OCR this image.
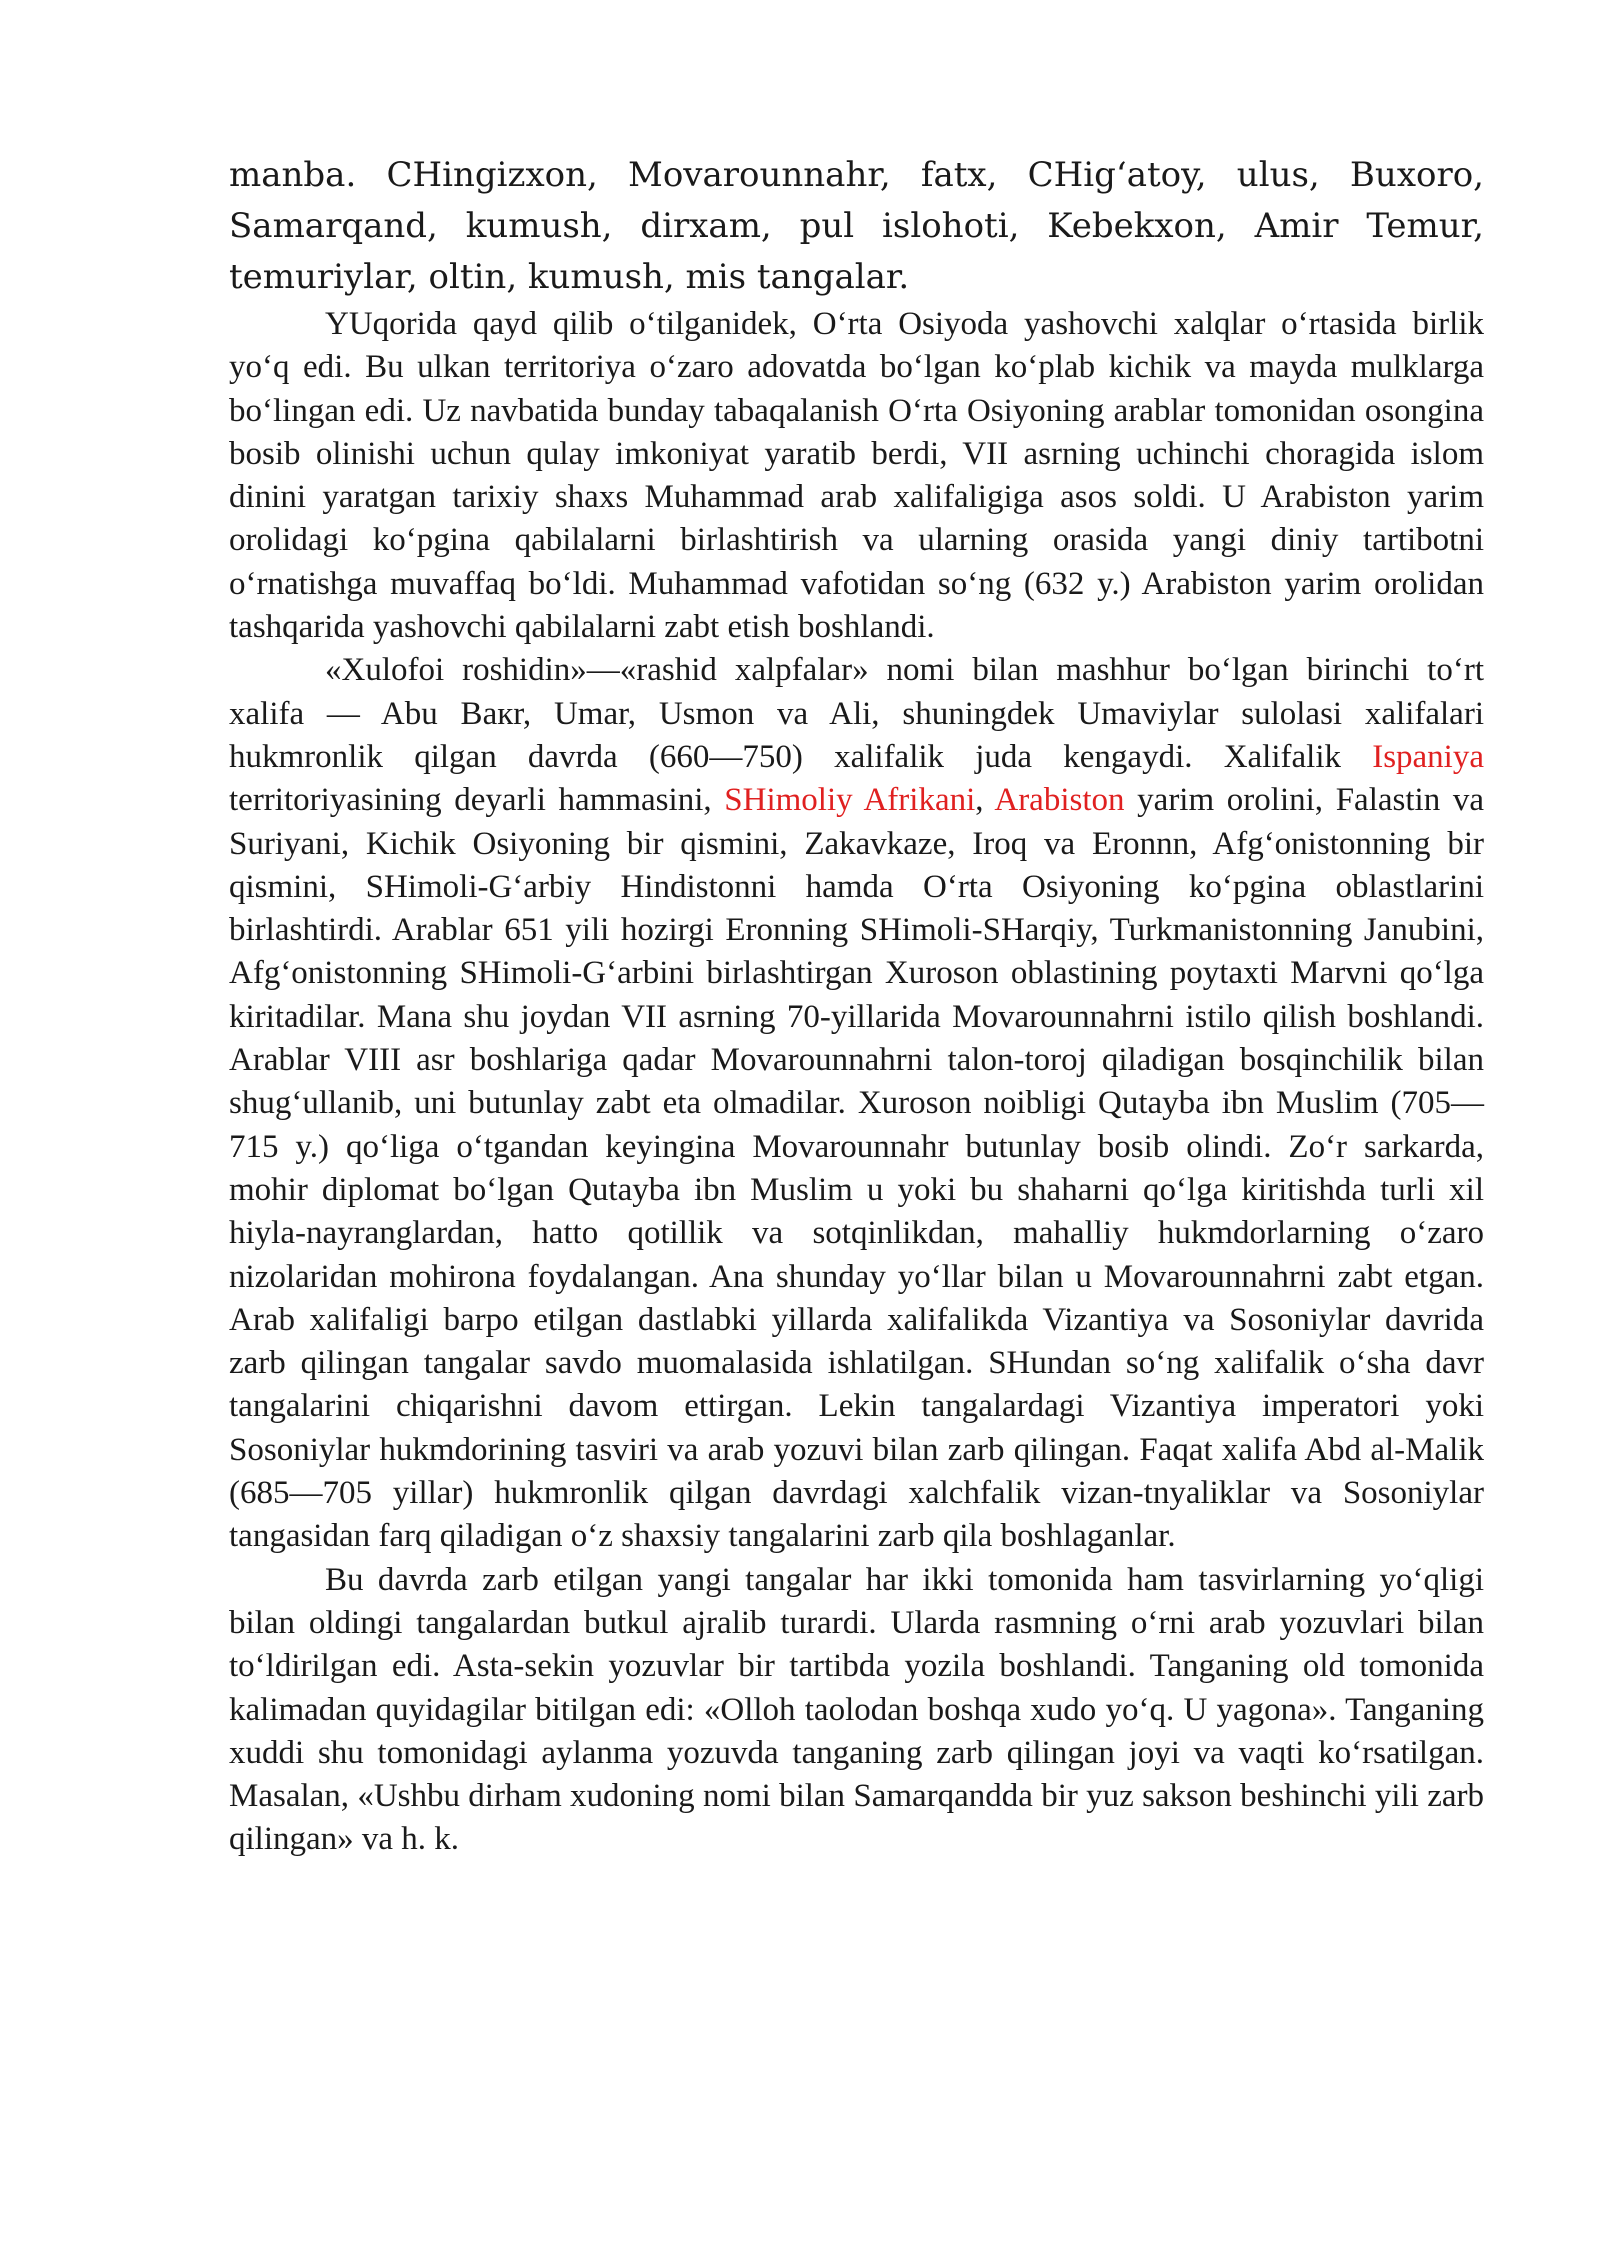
manba. CHingizxon, Movarounnahr, fatx, CHig‘atoy, ulus, Buxoro, Samarqand, kumush, dirxam, pul islohoti, Kebekxon, Amir Temur, temuriylar, oltin, kumush, mis tangalar.

YUqorida qayd qilib o‘tilganidek, O‘rta Osiyoda yashovchi xalqlar o‘rtasida birlik yo‘q edi. Bu ulkan territoriya o‘zaro adovatda bo‘lgan ko‘plab kichik va mayda mulklarga bo‘lingan edi. Uz navbatida bunday tabaqalanish O‘rta Osiyoning arablar tomonidan osongina bosib olinishi uchun qulay imkoniyat yaratib berdi, VII asrning uchinchi choragida islom dinini yaratgan tarixiy shaxs Muhammad arab xalifaligiga asos soldi. U Arabiston yarim orolidagi ko‘pgina qabilalarni birlashtirish va ularning orasida yangi diniy tartibotni o‘rnatishga muvaffaq bo‘ldi. Muhammad vafotidan so‘ng (632 y.) Arabiston yarim orolidan tashqarida yashovchi qabilalarni zabt etish boshlandi.

«Xulofoi roshidin»—«rashid xalpfalar» nomi bilan mashhur bo‘lgan birinchi to‘rt xalifa — Abu Baкr, Umar, Usmon va Ali, shuningdek Umaviylar sulolasi xalifalari hukmronlik qilgan davrda (660—750) xalifalik juda kengaydi. Xalifalik Ispaniya territoriyasining deyarli hammasini, SHimoliy Afrikani, Arabiston yarim orolini, Falastin va Suriyani, Kichik Osiyoning bir qismini, Zakavkaze, Iroq va Eronnn, Afg‘onistonning bir qismini, SHimoli-G‘arbiy Hindistonni hamda O‘rta Osiyoning ko‘pgina oblastlarini birlashtirdi. Arablar 651 yili hozirgi Eronning SHimoli-SHarqiy, Turkmanistonning Janubini, Afg‘onistonning SHimoli-G‘arbini birlashtirgan Xuroson oblastining poytaxti Marvni qo‘lga kiritadilar. Mana shu joydan VII asrning 70-yillarida Movarounnahrni istilo qilish boshlandi. Arablar VIII asr boshlariga qadar Movarounnahrni talon-toroj qiladigan bosqinchilik bilan shug‘ullanib, uni butunlay zabt eta olmadilar. Xuroson noibligi Qutayba ibn Muslim (705—715 y.) qo‘liga o‘tgandan keyingina Movarounnahr butunlay bosib olindi. Zo‘r sarkarda, mohir diplomat bo‘lgan Qutayba ibn Muslim u yoki bu shaharni qo‘lga kiritishda turli xil hiyla-nayranglardan, hatto qotillik va sotqinlikdan, mahalliy hukmdorlarning o‘zaro nizolaridan mohirona foydalangan. Ana shunday yo‘llar bilan u Movarounnahrni zabt etgan. Arab xalifaligi barpo etilgan dastlabki yillarda xalifalikda Vizantiya va Sosoniylar davrida zarb qilingan tangalar savdo muomalasida ishlatilgan. SHundan so‘ng xalifalik o‘sha davr tangalarini chiqarishni davom ettirgan. Lekin tangalardagi Vizantiya imperatori yoki Sosoniylar hukmdorining tasviri va arab yozuvi bilan zarb qilingan. Faqat xalifa Abd al-Malik (685—705 yillar) hukmronlik qilgan davrdagi xalchfalik vizan-tnyaliklar va Sosoniylar tangasidan farq qiladigan o‘z shaxsiy tangalarini zarb qila boshlaganlar.

Bu davrda zarb etilgan yangi tangalar har ikki tomonida ham tasvirlarning yo‘qligi bilan oldingi tangalardan butkul ajralib turardi. Ularda rasmning o‘rni arab yozuvlari bilan to‘ldirilgan edi. Asta-sekin yozuvlar bir tartibda yozila boshlandi. Tanganing old tomonida kalimadan quyidagilar bitilgan edi: «Olloh taolodan boshqa xudo yo‘q. U yagona». Tanganing xuddi shu tomonidagi aylanma yozuvda tanganing zarb qilingan joyi va vaqti ko‘rsatilgan. Masalan, «Ushbu dirham xudoning nomi bilan Samarqandda bir yuz sakson beshinchi yili zarb qilingan» va h. k.
